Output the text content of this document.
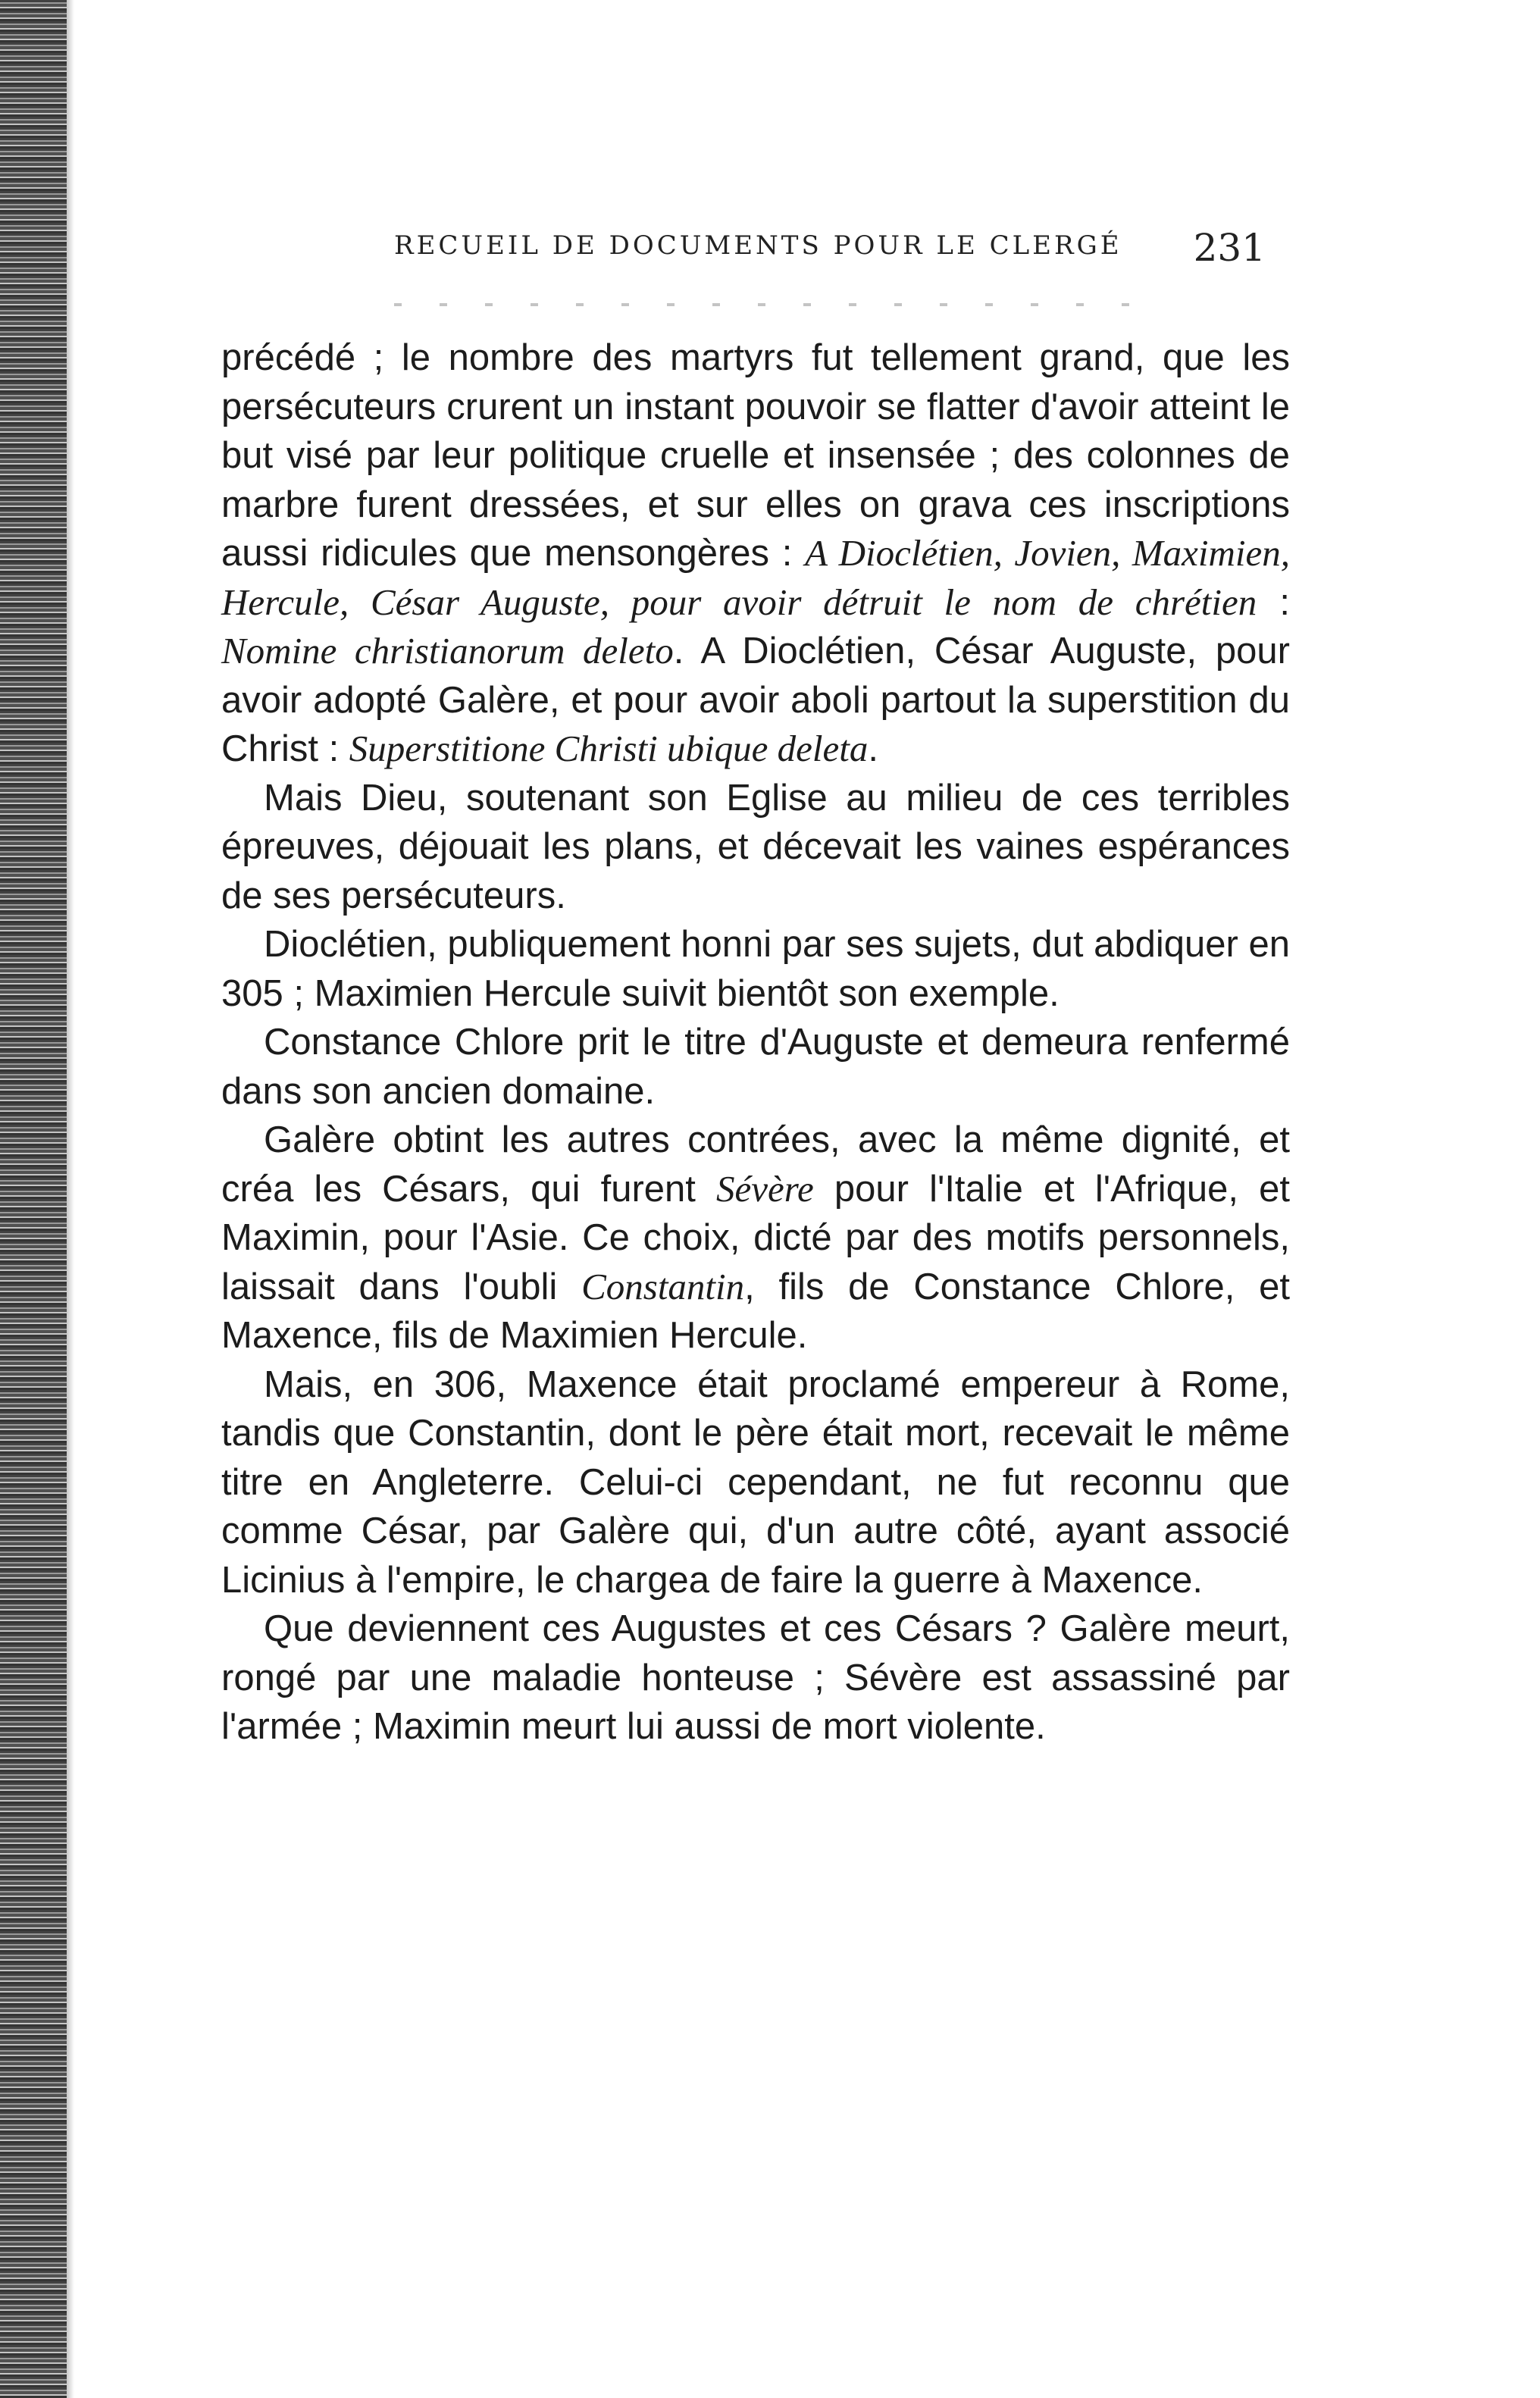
RECUEIL DE DOCUMENTS POUR LE CLERGÉ 231

précédé ; le nombre des martyrs fut tellement grand, que les persécuteurs crurent un instant pouvoir se flatter d'avoir atteint le but visé par leur politique cruelle et insensée ; des colonnes de marbre furent dressées, et sur elles on grava ces inscriptions aussi ridicules que mensongères : A Dioclétien, Jovien, Maximien, Hercule, César Auguste, pour avoir détruit le nom de chrétien : Nomine christianorum deleto. A Dioclétien, César Auguste, pour avoir adopté Galère, et pour avoir aboli partout la superstition du Christ : Superstitione Christi ubique deleta.

Mais Dieu, soutenant son Eglise au milieu de ces terribles épreuves, déjouait les plans, et décevait les vaines espérances de ses persécuteurs.

Dioclétien, publiquement honni par ses sujets, dut abdiquer en 305 ; Maximien Hercule suivit bientôt son exemple.

Constance Chlore prit le titre d'Auguste et demeura renfermé dans son ancien domaine.

Galère obtint les autres contrées, avec la même dignité, et créa les Césars, qui furent Sévère pour l'Italie et l'Afrique, et Maximin, pour l'Asie. Ce choix, dicté par des motifs personnels, laissait dans l'oubli Constantin, fils de Constance Chlore, et Maxence, fils de Maximien Hercule.

Mais, en 306, Maxence était proclamé empereur à Rome, tandis que Constantin, dont le père était mort, recevait le même titre en Angleterre. Celui-ci cependant, ne fut reconnu que comme César, par Galère qui, d'un autre côté, ayant associé Licinius à l'empire, le chargea de faire la guerre à Maxence.

Que deviennent ces Augustes et ces Césars ? Galère meurt, rongé par une maladie honteuse ; Sévère est assassiné par l'armée ; Maximin meurt lui aussi de mort violente.
